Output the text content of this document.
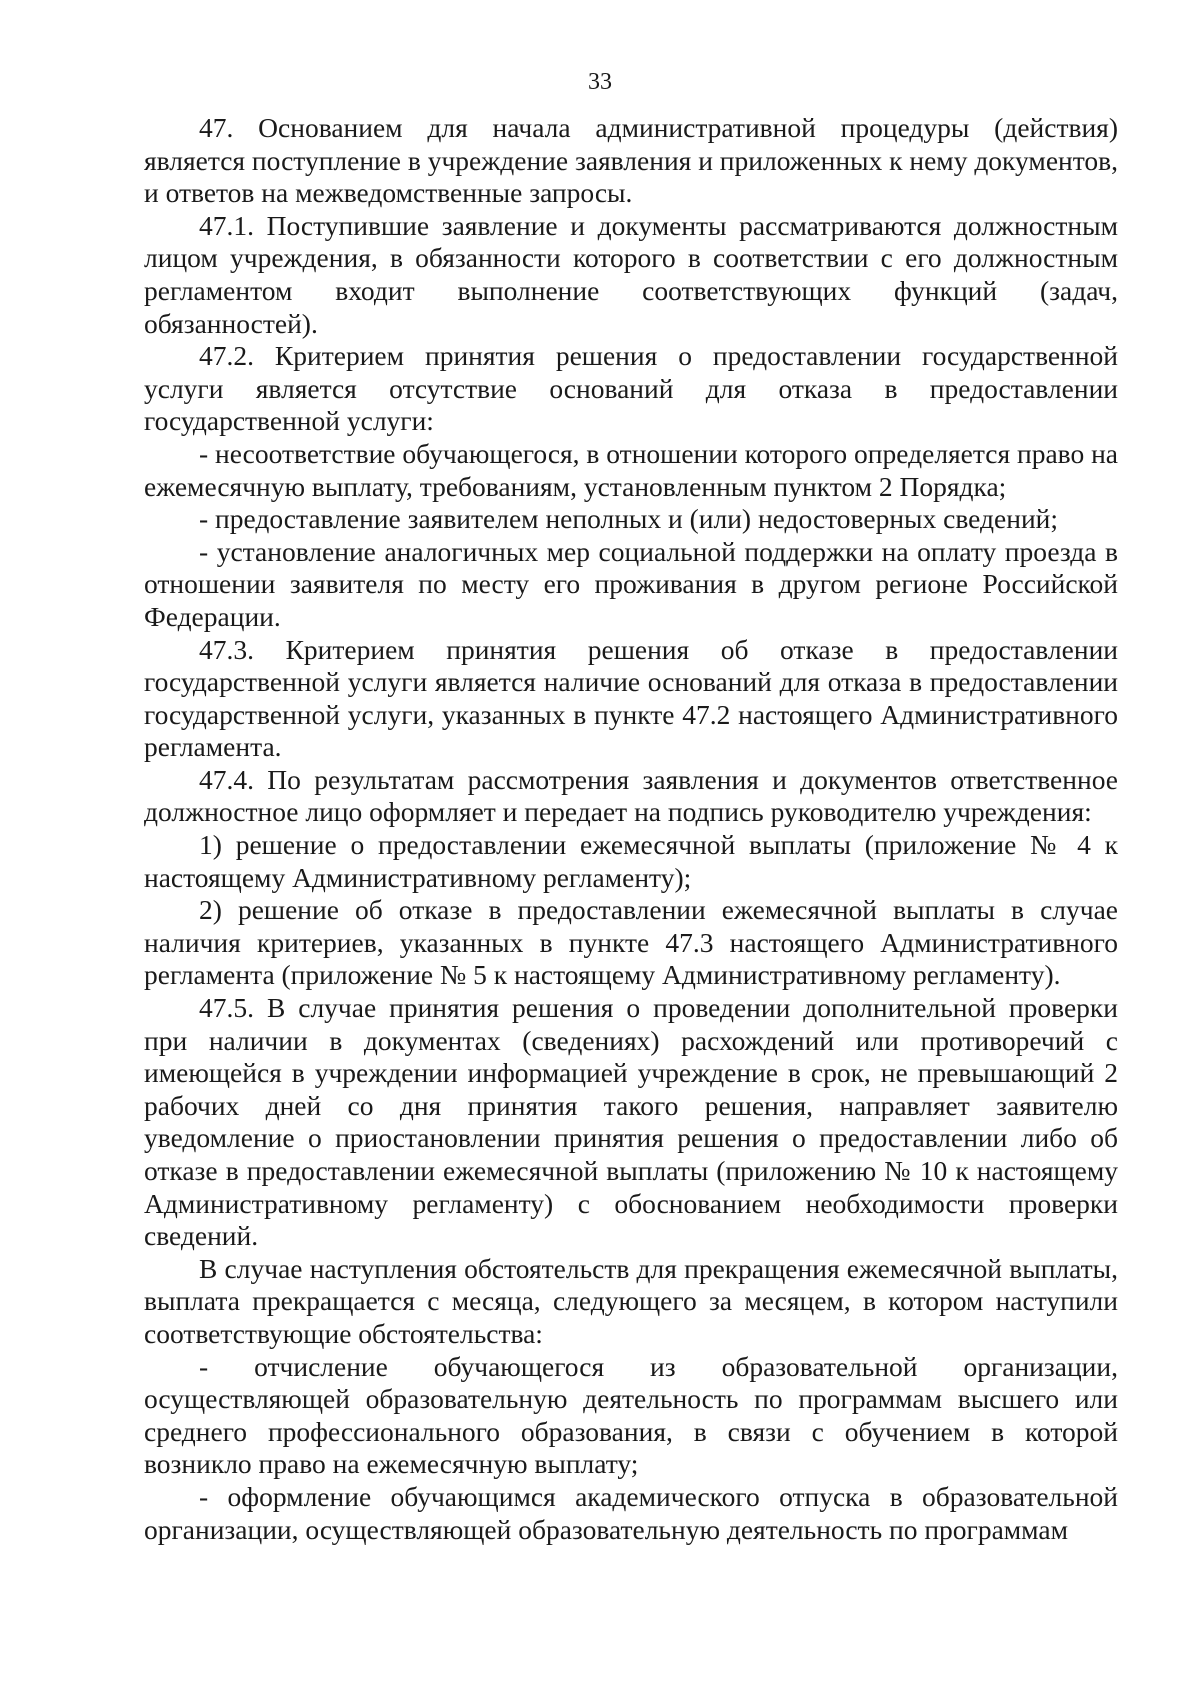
33

47. Основанием для начала административной процедуры (действия) является поступление в учреждение заявления и приложенных к нему документов, и ответов на межведомственные запросы.

47.1. Поступившие заявление и документы рассматриваются должностным лицом учреждения, в обязанности которого в соответствии с его должностным регламентом входит выполнение соответствующих функций (задач, обязанностей).

47.2. Критерием принятия решения о предоставлении государственной услуги является отсутствие оснований для отказа в предоставлении государственной услуги:

- несоответствие обучающегося, в отношении которого определяется право на ежемесячную выплату, требованиям, установленным пунктом 2 Порядка;

- предоставление заявителем неполных и (или) недостоверных сведений;

- установление аналогичных мер социальной поддержки на оплату проезда в отношении заявителя по месту его проживания в другом регионе Российской Федерации.

47.3. Критерием принятия решения об отказе в предоставлении государственной услуги является наличие оснований для отказа в предоставлении государственной услуги, указанных в пункте 47.2 настоящего Административного регламента.

47.4. По результатам рассмотрения заявления и документов ответственное должностное лицо оформляет и передает на подпись руководителю учреждения:

1) решение о предоставлении ежемесячной выплаты (приложение № 4 к настоящему Административному регламенту);

2) решение об отказе в предоставлении ежемесячной выплаты в случае наличия критериев, указанных в пункте 47.3 настоящего Административного регламента (приложение № 5 к настоящему Административному регламенту).

47.5. В случае принятия решения о проведении дополнительной проверки при наличии в документах (сведениях) расхождений или противоречий с имеющейся в учреждении информацией учреждение в срок, не превышающий 2 рабочих дней со дня принятия такого решения, направляет заявителю уведомление о приостановлении принятия решения о предоставлении либо об отказе в предоставлении ежемесячной выплаты (приложению № 10 к настоящему Административному регламенту) с обоснованием необходимости проверки сведений.

В случае наступления обстоятельств для прекращения ежемесячной выплаты, выплата прекращается с месяца, следующего за месяцем, в котором наступили соответствующие обстоятельства:

- отчисление обучающегося из образовательной организации, осуществляющей образовательную деятельность по программам высшего или среднего профессионального образования, в связи с обучением в которой возникло право на ежемесячную выплату;

- оформление обучающимся академического отпуска в образовательной организации, осуществляющей образовательную деятельность по программам
